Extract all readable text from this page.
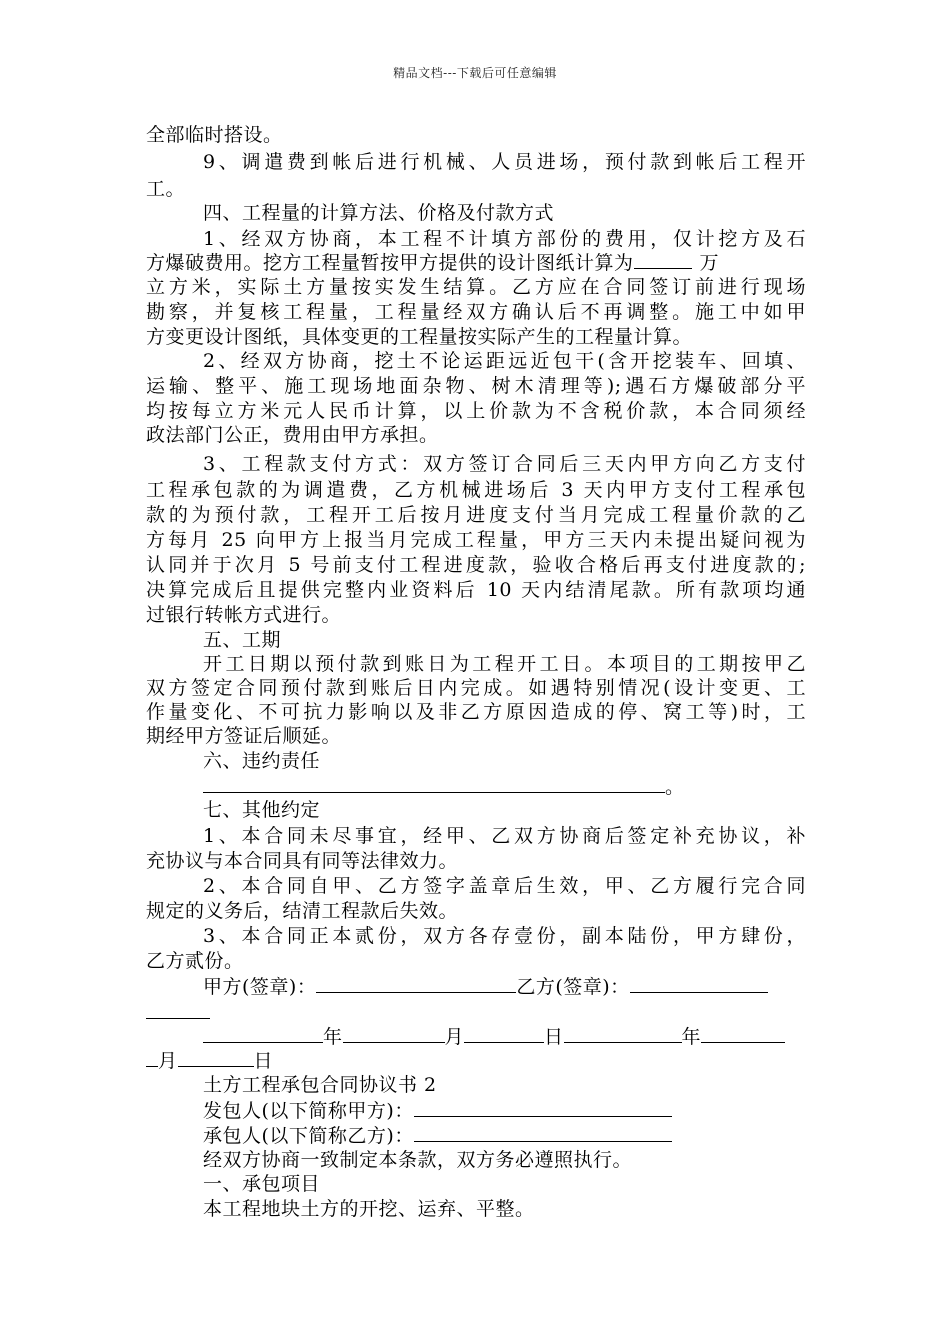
精品文档---下载后可任意编辑
全部临时搭设。
9、调遣费到帐后进行机械、人员进场，预付款到帐后工程开
工。
四、工程量的计算方法、价格及付款方式
1、经双方协商，本工程不计填方部份的费用，仅计挖方及石
方爆破费用。挖方工程量暂按甲方提供的设计图纸计算为	万
立方米，实际土方量按实发生结算。乙方应在合同签订前进行现场
勘察，并复核工程量，工程量经双方确认后不再调整。施工中如甲
方变更设计图纸，具体变更的工程量按实际产生的工程量计算。
2、经双方协商，挖土不论运距远近包干(含开挖装车、回填、
运输、整平、施工现场地面杂物、树木清理等);遇石方爆破部分平
均按每立方米元人民币计算，以上价款为不含税价款，本合同须经
政法部门公正，费用由甲方承担。
3、工程款支付方式：双方签订合同后三天内甲方向乙方支付
工程承包款的为调遣费，乙方机械进场后 3 天内甲方支付工程承包
款的为预付款，工程开工后按月进度支付当月完成工程量价款的乙
方每月 25 向甲方上报当月完成工程量，甲方三天内未提出疑问视为
认同并于次月 5 号前支付工程进度款，验收合格后再支付进度款的;
决算完成后且提供完整内业资料后 10 天内结清尾款。所有款项均通
过银行转帐方式进行。
五、工期
开工日期以预付款到账日为工程开工日。本项目的工期按甲乙
双方签定合同预付款到账后日内完成。如遇特别情况(设计变更、工
作量变化、不可抗力影响以及非乙方原因造成的停、窝工等)时，工
期经甲方签证后顺延。
六、违约责任
。
七、其他约定
1、本合同未尽事宜，经甲、乙双方协商后签定补充协议，补
充协议与本合同具有同等法律效力。
2、本合同自甲、乙方签字盖章后生效，甲、乙方履行完合同
规定的义务后，结清工程款后失效。
3、本合同正本贰份，双方各存壹份，副本陆份，甲方肆份，
乙方贰份。
甲方(签章)：	乙方(签章)：
年	月	日	年
月	日
土方工程承包合同协议书 2
发包人(以下简称甲方)：
承包人(以下简称乙方)：
经双方协商一致制定本条款，双方务必遵照执行。
一、承包项目
本工程地块土方的开挖、运弃、平整。
